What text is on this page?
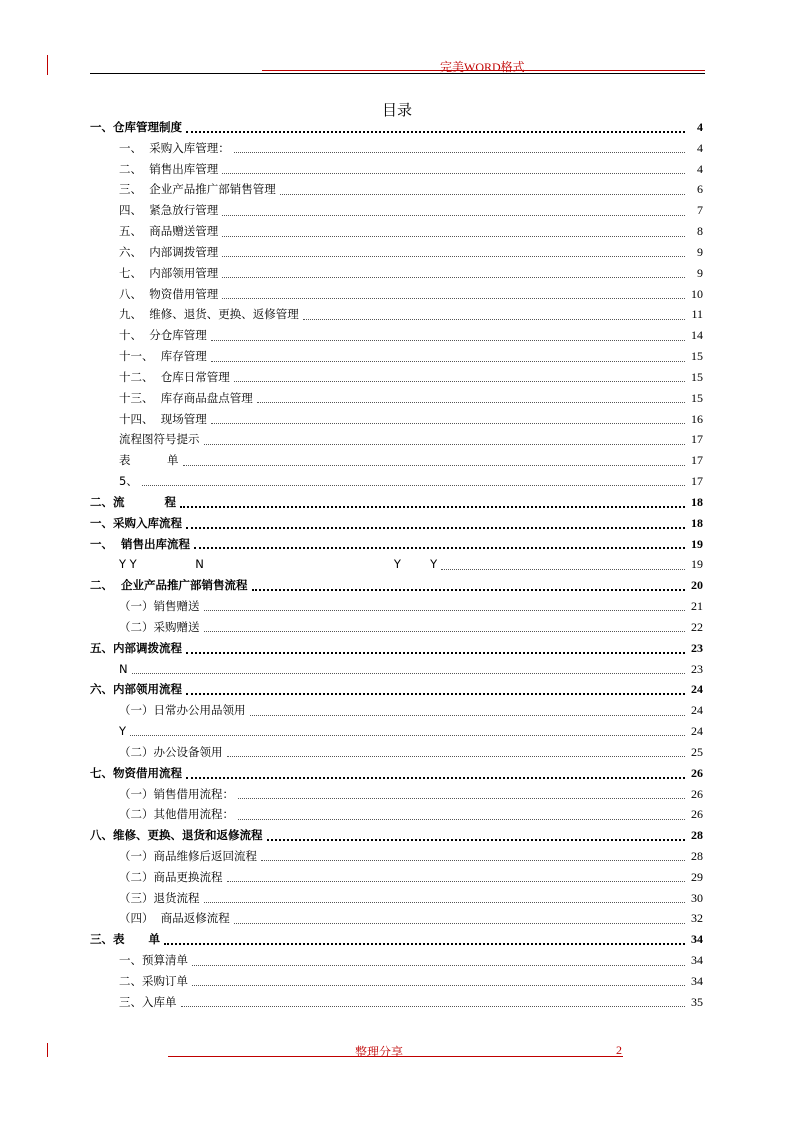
完美WORD格式
目录
一、仓库管理制度	4
一、  采购入库管理：	4
二、  销售出库管理	4
三、  企业产品推广部销售管理	6
四、  紧急放行管理	7
五、  商品赠送管理	8
六、  内部调拨管理	9
七、  内部领用管理	9
八、  物资借用管理	10
九、  维修、退货、更换、返修管理	11
十、  分仓库管理	14
十一、  库存管理	15
十二、  仓库日常管理	15
十三、  库存商品盘点管理	15
十四、  现场管理	16
流程图符号提示	17
表          单	17
5、	17
二、流          程	18
一、采购入库流程	18
一、  销售出库流程	19
Y Y                N                                                    Y        Y	19
二、  企业产品推广部销售流程	20
（一）销售赠送	21
（二）采购赠送	22
五、内部调拨流程	23
N	23
六、内部领用流程	24
（一）日常办公用品领用	24
Y	24
（二）办公设备领用	25
七、物资借用流程	26
（一）销售借用流程：	26
（二）其他借用流程：	26
八、维修、更换、退货和返修流程	28
（一）商品维修后返回流程	28
（二）商品更换流程	29
（三）退货流程	30
（四）  商品返修流程	32
三、表      单	34
一、预算清单	34
二、采购订单	34
三、入库单	35
整理分享	2
